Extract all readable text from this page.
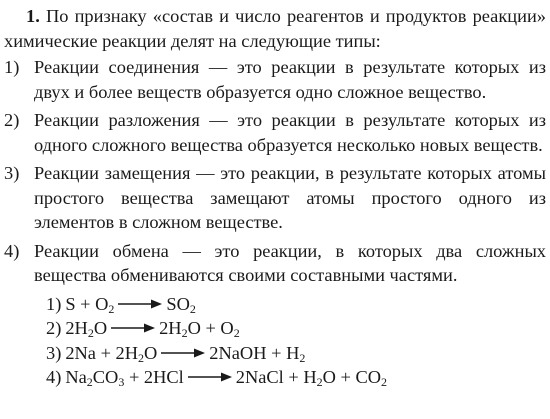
1. По признаку «состав и число реагентов и продуктов реакции» химические реакции делят на следующие типы:

1) Реакции соединения — это реакции в результате которых из двух и более веществ образуется одно сложное вещество.
2) Реакции разложения — это реакции в результате которых из одного сложного вещества образуется несколько новых веществ.
3) Реакции замещения — это реакции, в результате которых атомы простого вещества замещают атомы простого одного из элементов в сложном веществе.
4) Реакции обмена — это реакции, в которых два сложных вещества обмениваются своими составными частями.
1) $S + O_2 \to SO_2$
2) $2H_2O \to 2H_2O + O_2$
3) $2Na + 2H_2O$ → 2NaOH + $H_2$
4) $Na_2CO_3 + 2HCl$ → 2NaCl + $H_2O + CO_2$
